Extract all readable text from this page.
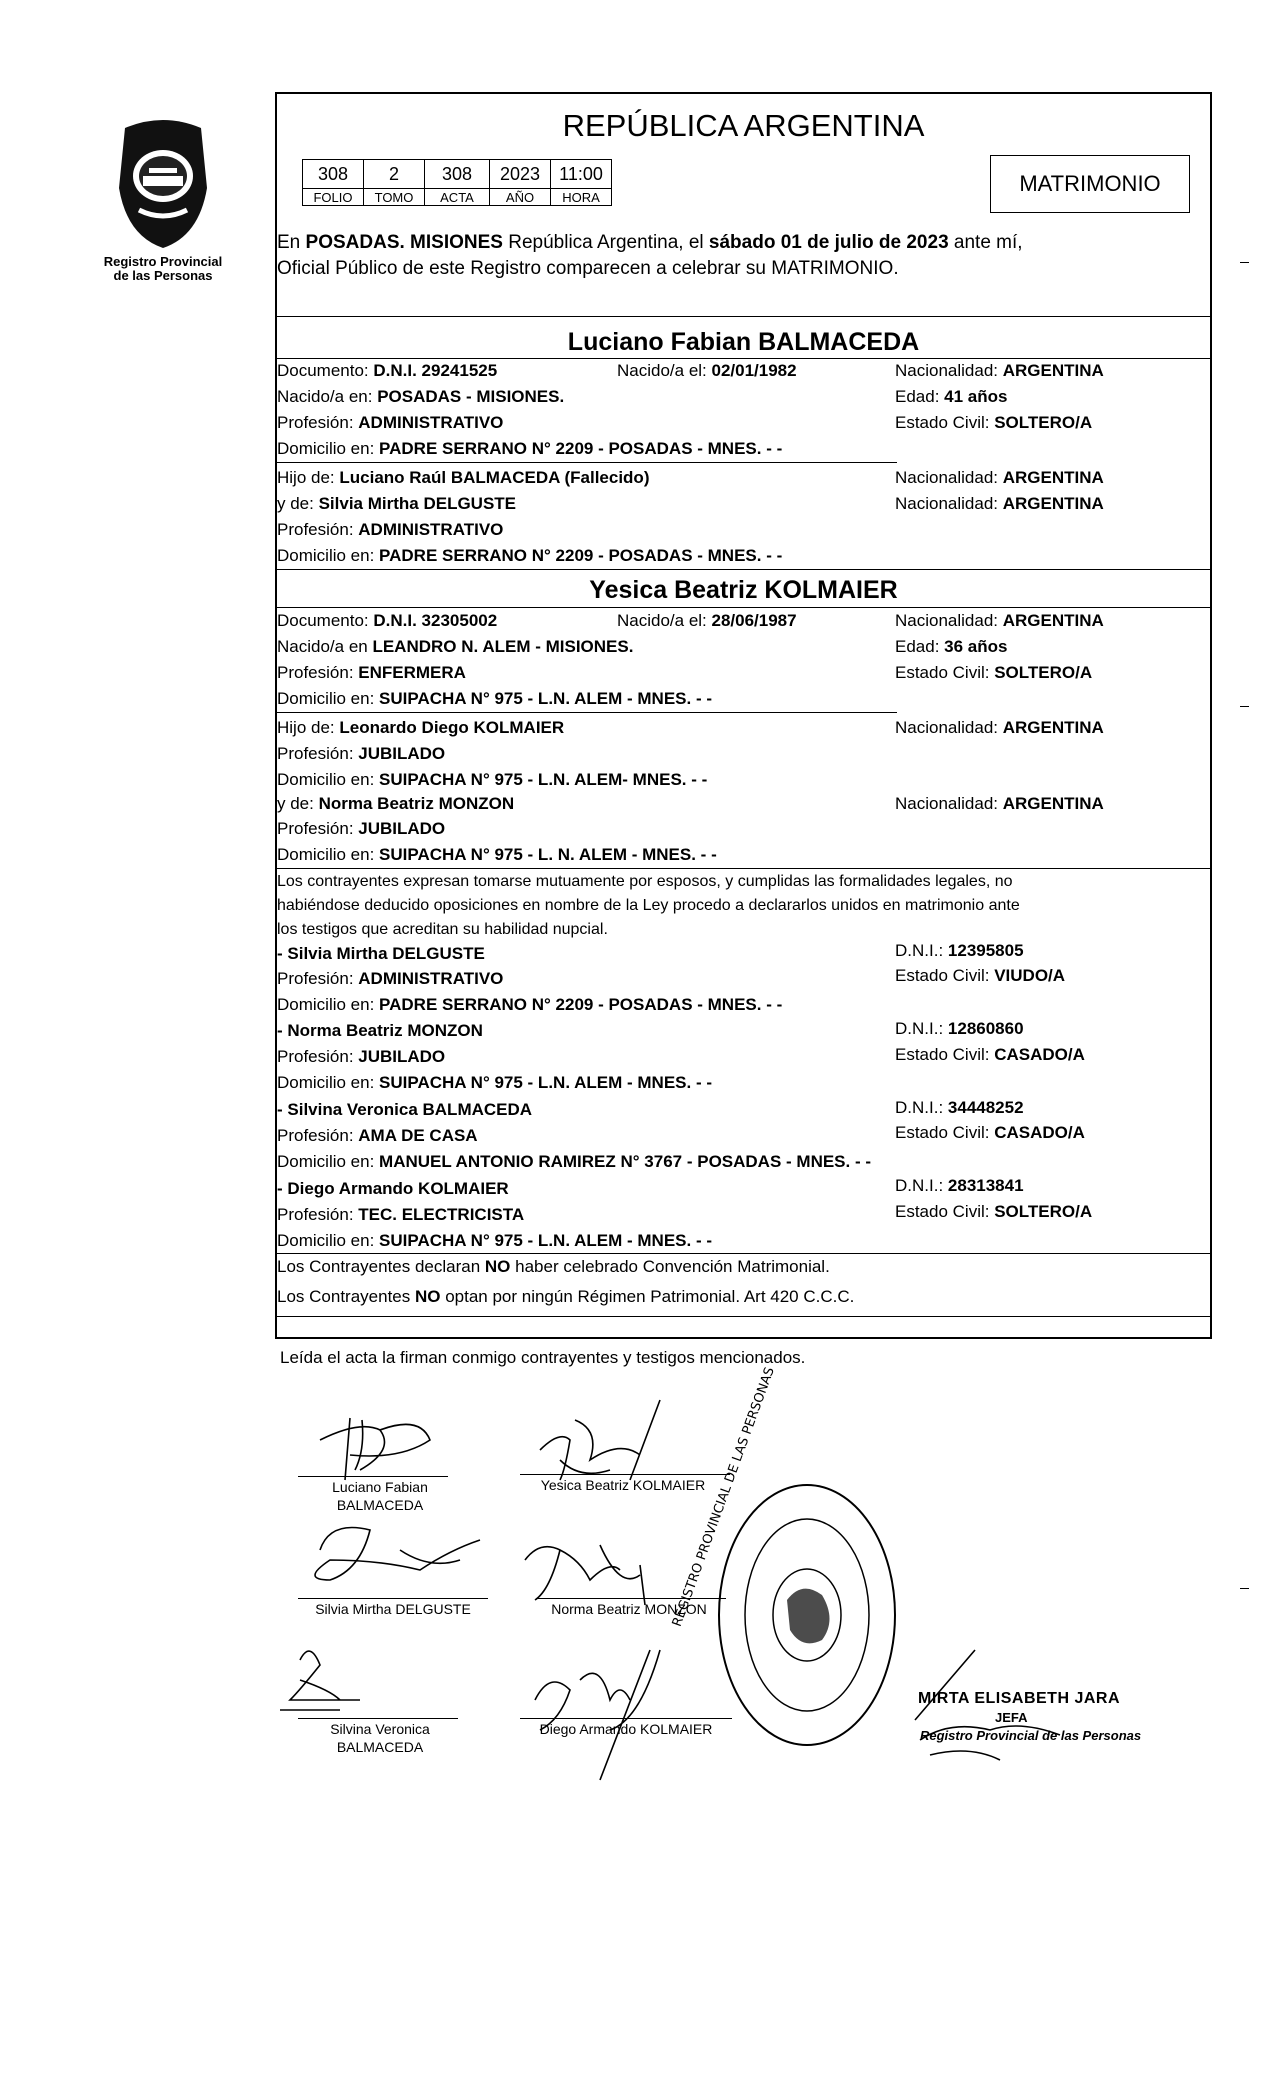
Registro Provincial
de las Personas
REPÚBLICA ARGENTINA
308	2	308	2023	11:00
FOLIO	TOMO	ACTA	AÑO	HORA
MATRIMONIO
En POSADAS. MISIONES República Argentina, el sábado 01 de julio de 2023 ante mí,
Oficial Público de este Registro comparecen a celebrar su MATRIMONIO.
Luciano Fabian BALMACEDA
Documento: D.N.I. 29241525	Nacido/a el: 02/01/1982	Nacionalidad: ARGENTINA
Nacido/a en: POSADAS - MISIONES.	Edad: 41 años
Profesión: ADMINISTRATIVO	Estado Civil: SOLTERO/A
Domicilio en: PADRE SERRANO N° 2209 - POSADAS - MNES. - -
Hijo de: Luciano Raúl BALMACEDA (Fallecido)	Nacionalidad: ARGENTINA
y de: Silvia Mirtha DELGUSTE	Nacionalidad: ARGENTINA
Profesión: ADMINISTRATIVO
Domicilio en: PADRE SERRANO N° 2209 - POSADAS - MNES. - -
Yesica Beatriz KOLMAIER
Documento: D.N.I. 32305002	Nacido/a el: 28/06/1987	Nacionalidad: ARGENTINA
Nacido/a en LEANDRO N. ALEM - MISIONES.	Edad: 36 años
Profesión: ENFERMERA	Estado Civil: SOLTERO/A
Domicilio en: SUIPACHA N° 975 - L.N. ALEM - MNES. - -
Hijo de: Leonardo Diego KOLMAIER	Nacionalidad: ARGENTINA
Profesión: JUBILADO
Domicilio en: SUIPACHA N° 975 - L.N. ALEM- MNES. - -
y de: Norma Beatriz MONZON	Nacionalidad: ARGENTINA
Profesión: JUBILADO
Domicilio en: SUIPACHA N° 975 - L. N. ALEM - MNES. - -
Los contrayentes expresan tomarse mutuamente por esposos, y cumplidas las formalidades legales, no
habiéndose deducido oposiciones en nombre de la Ley procedo a declararlos unidos en matrimonio ante
los testigos que acreditan su habilidad nupcial.
- Silvia Mirtha DELGUSTE	D.N.I.: 12395805
Profesión: ADMINISTRATIVO	Estado Civil: VIUDO/A
Domicilio en: PADRE SERRANO N° 2209 - POSADAS - MNES. - -
- Norma Beatriz MONZON	D.N.I.: 12860860
Profesión: JUBILADO	Estado Civil: CASADO/A
Domicilio en: SUIPACHA N° 975 - L.N. ALEM - MNES. - -
- Silvina Veronica BALMACEDA	D.N.I.: 34448252
Profesión: AMA DE CASA	Estado Civil: CASADO/A
Domicilio en: MANUEL ANTONIO RAMIREZ N° 3767 - POSADAS - MNES. - -
- Diego Armando KOLMAIER	D.N.I.: 28313841
Profesión: TEC. ELECTRICISTA	Estado Civil: SOLTERO/A
Domicilio en: SUIPACHA N° 975 - L.N. ALEM - MNES. - -
Los Contrayentes declaran NO haber celebrado Convención Matrimonial.
Los Contrayentes NO optan por ningún Régimen Patrimonial. Art 420 C.C.C.
Leída el acta la firman conmigo contrayentes y testigos mencionados.
Luciano Fabian
BALMACEDA
Yesica Beatriz KOLMAIER
Silvia Mirtha DELGUSTE	Norma Beatriz MONZON
Silvina Veronica
BALMACEDA
Diego Armando KOLMAIER
REGISTRO PROVINCIAL DE LAS PERSONAS
MIRTA ELISABETH JARA
JEFA
Registro Provincial de las Personas
